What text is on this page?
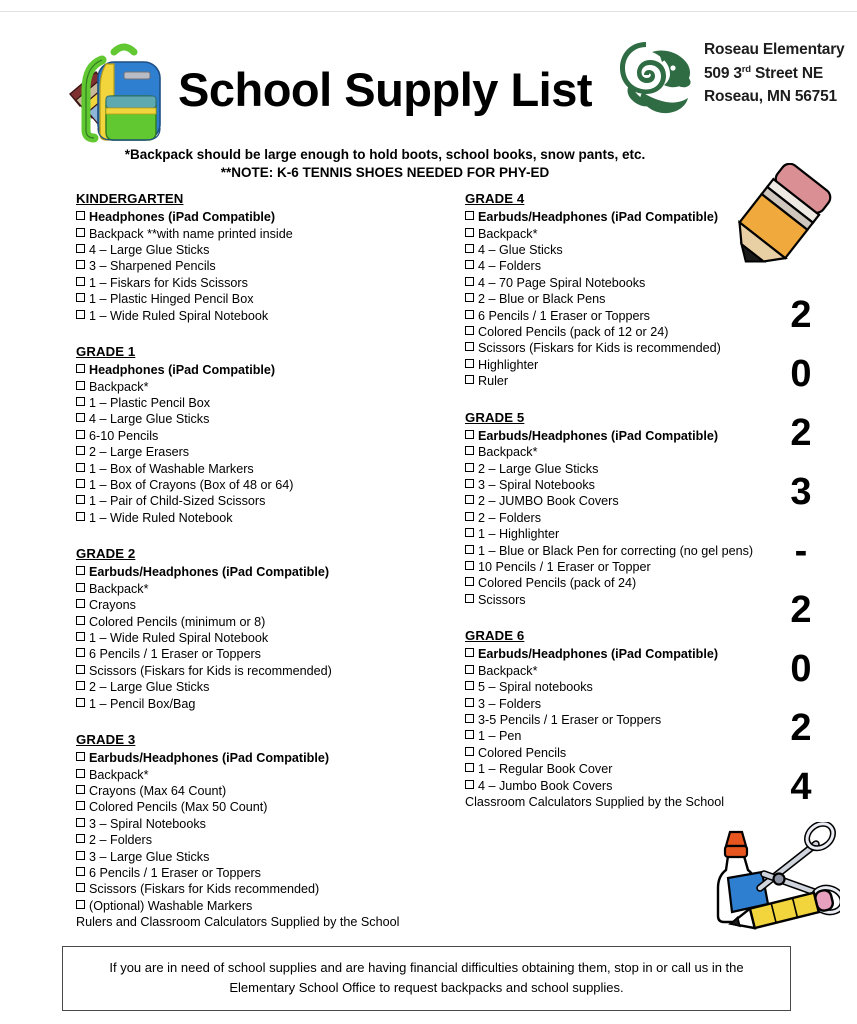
School Supply List
Roseau Elementary
509 3rd Street NE
Roseau, MN 56751
*Backpack should be large enough to hold boots, school books, snow pants, etc.
**NOTE: K-6 TENNIS SHOES NEEDED FOR PHY-ED
KINDERGARTEN
Headphones (iPad Compatible)
Backpack **with name printed inside
4 – Large Glue Sticks
3 – Sharpened Pencils
1 – Fiskars for Kids Scissors
1 – Plastic Hinged Pencil Box
1 – Wide Ruled Spiral Notebook
GRADE 1
Headphones (iPad Compatible)
Backpack*
1 – Plastic Pencil Box
4 – Large Glue Sticks
6-10 Pencils
2 – Large Erasers
1 – Box of Washable Markers
1 – Box of Crayons (Box of 48 or 64)
1 – Pair of Child-Sized Scissors
1 – Wide Ruled Notebook
GRADE 2
Earbuds/Headphones (iPad Compatible)
Backpack*
Crayons
Colored Pencils (minimum or 8)
1 – Wide Ruled Spiral Notebook
6 Pencils / 1 Eraser or Toppers
Scissors (Fiskars for Kids is recommended)
2 – Large Glue Sticks
1 – Pencil Box/Bag
GRADE 3
Earbuds/Headphones (iPad Compatible)
Backpack*
Crayons (Max 64 Count)
Colored Pencils (Max 50 Count)
3 – Spiral Notebooks
2 – Folders
3 – Large Glue Sticks
6 Pencils / 1 Eraser or Toppers
Scissors (Fiskars for Kids recommended)
(Optional) Washable Markers
Rulers and Classroom Calculators Supplied by the School
GRADE 4
Earbuds/Headphones (iPad Compatible)
Backpack*
4 – Glue Sticks
4 – Folders
4 – 70 Page Spiral Notebooks
2 – Blue or Black Pens
6 Pencils / 1 Eraser or Toppers
Colored Pencils (pack of 12 or 24)
Scissors (Fiskars for Kids is recommended)
Highlighter
Ruler
GRADE 5
Earbuds/Headphones (iPad Compatible)
Backpack*
2 – Large Glue Sticks
3 – Spiral Notebooks
2 – JUMBO Book Covers
2 – Folders
1 – Highlighter
1 – Blue or Black Pen for correcting (no gel pens)
10 Pencils / 1 Eraser or Topper
Colored Pencils (pack of 24)
Scissors
GRADE 6
Earbuds/Headphones (iPad Compatible)
Backpack*
5 – Spiral notebooks
3 – Folders
3-5 Pencils / 1 Eraser or Toppers
1 – Pen
Colored Pencils
1 – Regular Book Cover
4 – Jumbo Book Covers
Classroom Calculators Supplied by the School
2
0
2
3
-
2
0
2
4
If you are in need of school supplies and are having financial difficulties obtaining them, stop in or call us in the Elementary School Office to request backpacks and school supplies.
